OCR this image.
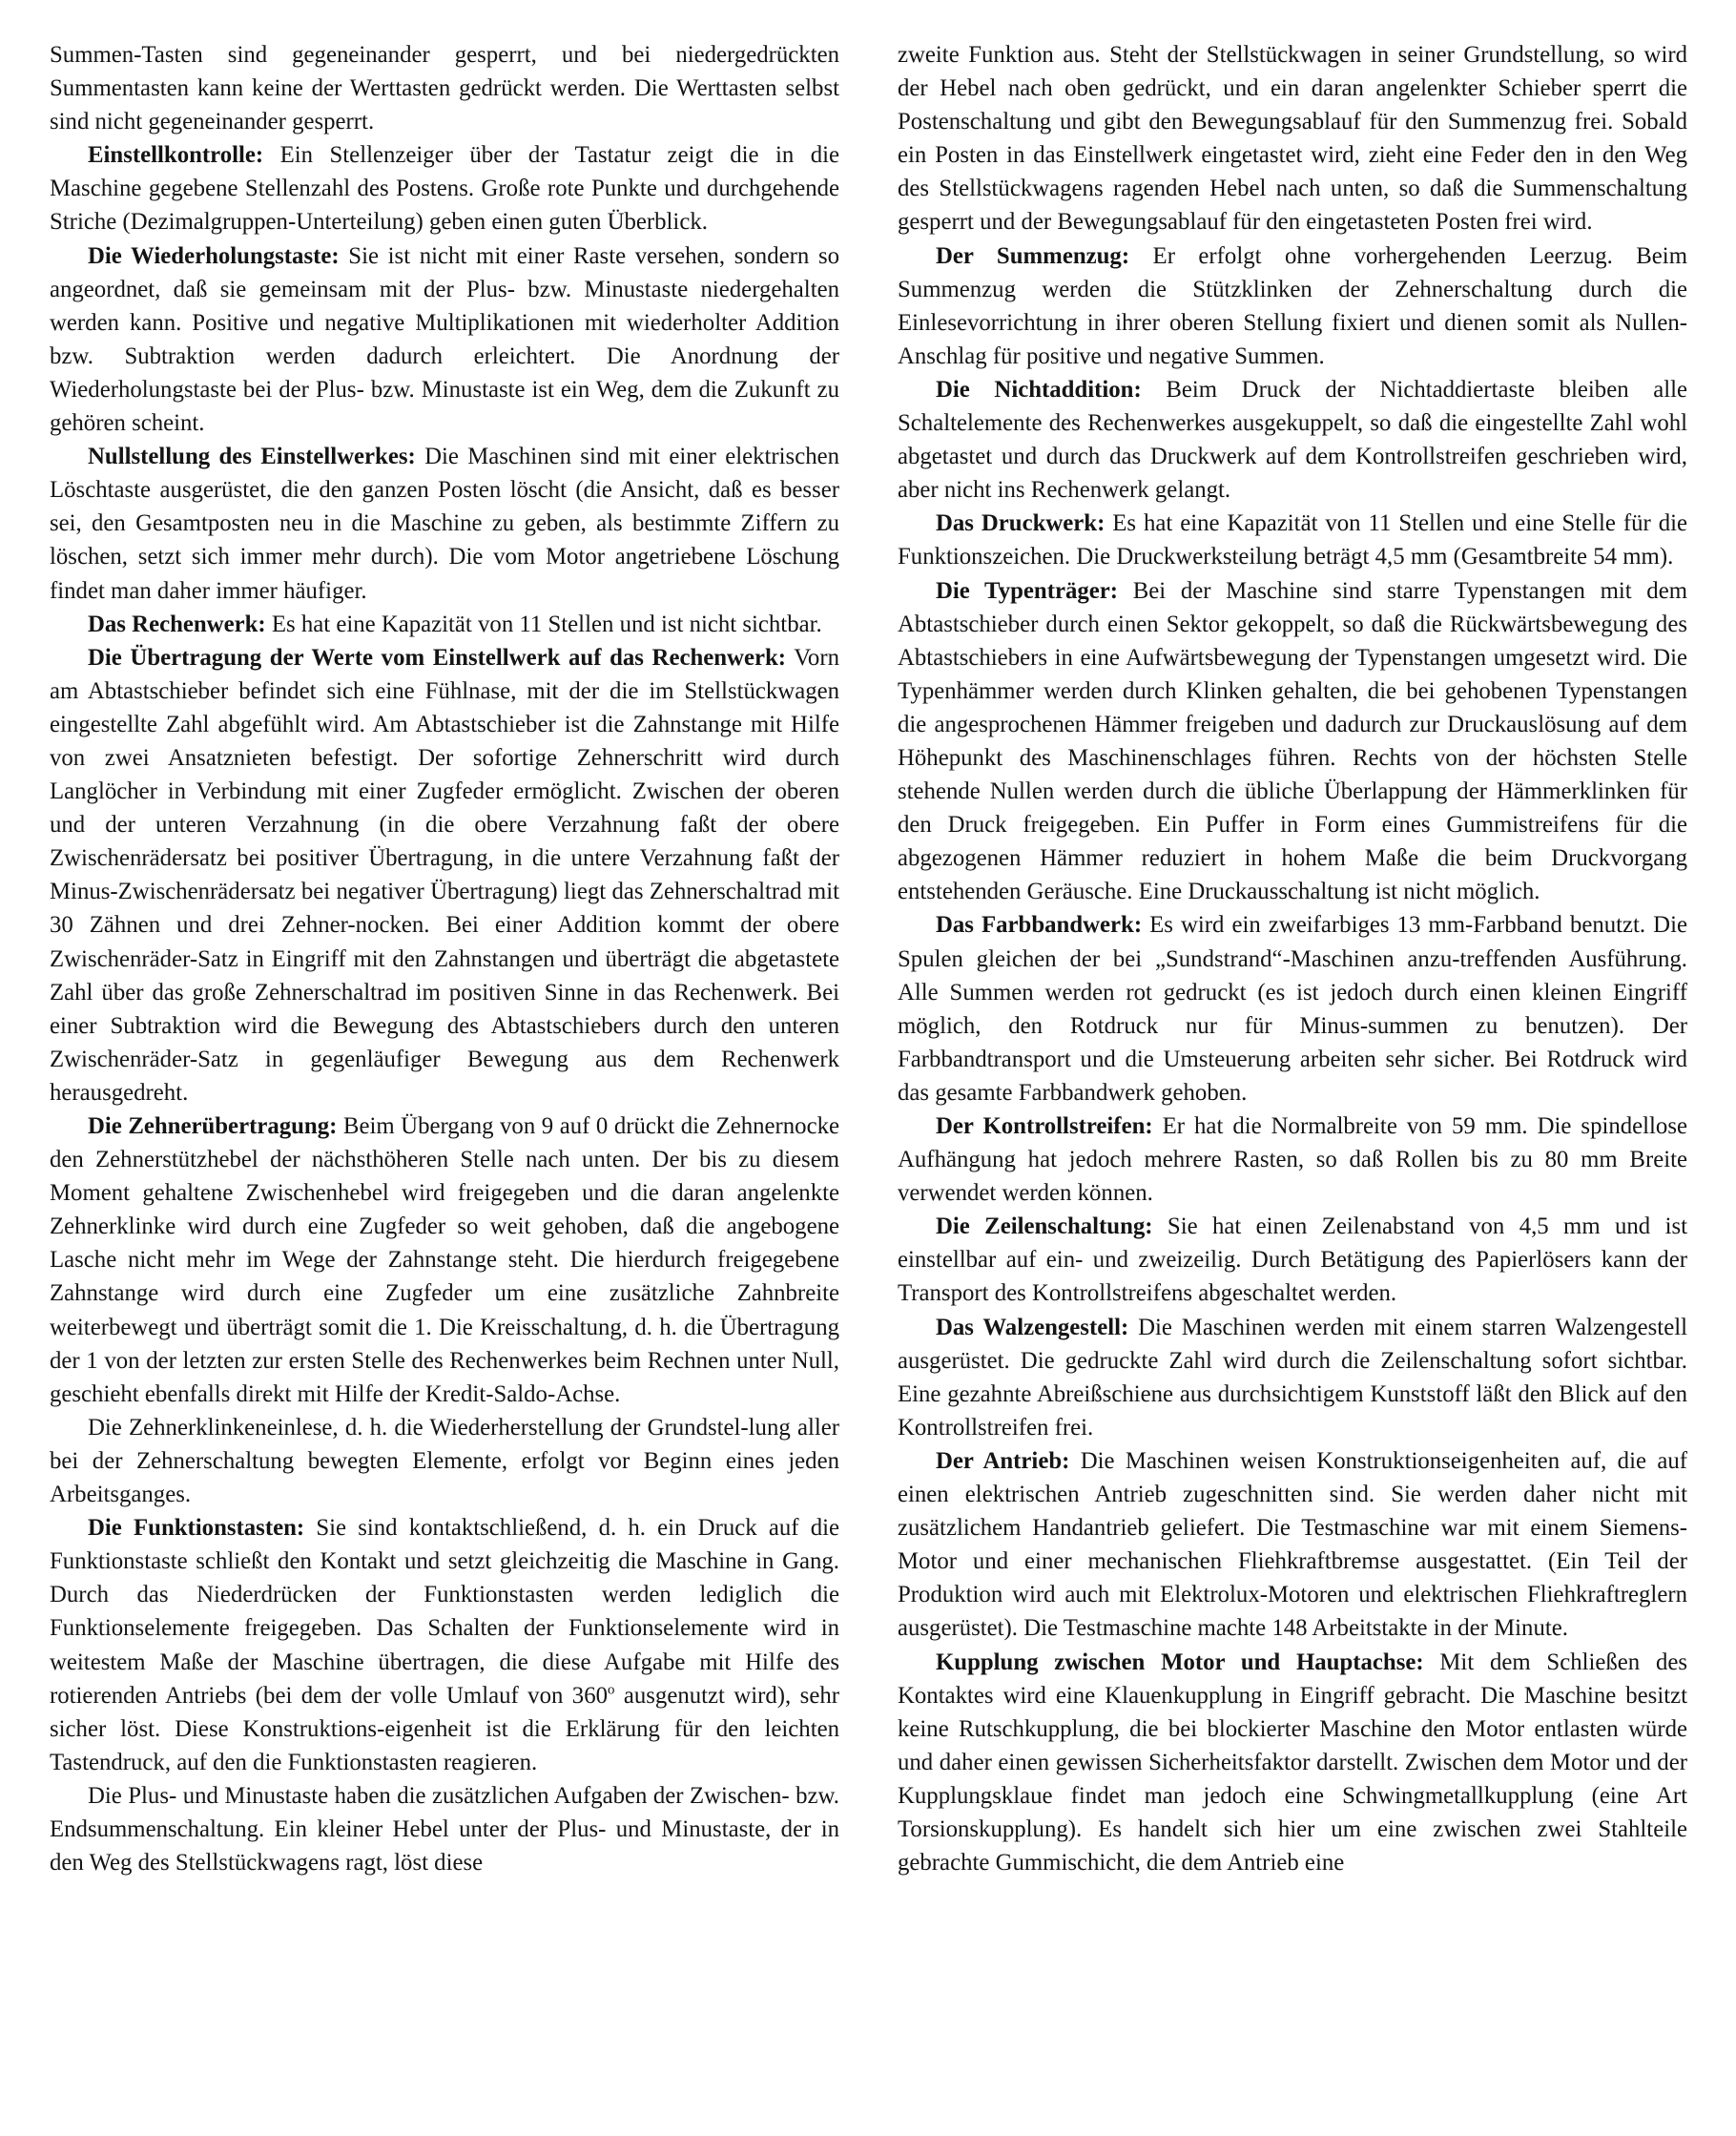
Summen-Tasten sind gegeneinander gesperrt, und bei niedergedrückten Summentasten kann keine der Werttasten gedrückt werden. Die Werttasten selbst sind nicht gegeneinander gesperrt.

Einstellkontrolle: Ein Stellenzeiger über der Tastatur zeigt die in die Maschine gegebene Stellenzahl des Postens. Große rote Punkte und durchgehende Striche (Dezimalgruppen-Unterteilung) geben einen guten Überblick.

Die Wiederholungstaste: Sie ist nicht mit einer Raste versehen, sondern so angeordnet, daß sie gemeinsam mit der Plus- bzw. Minustaste niedergehalten werden kann. Positive und negative Multiplikationen mit wiederholter Addition bzw. Subtraktion werden dadurch erleichtert. Die Anordnung der Wiederholungstaste bei der Plus- bzw. Minustaste ist ein Weg, dem die Zukunft zu gehören scheint.

Nullstellung des Einstellwerkes: Die Maschinen sind mit einer elektrischen Löschtaste ausgerüstet, die den ganzen Posten löscht (die Ansicht, daß es besser sei, den Gesamtposten neu in die Maschine zu geben, als bestimmte Ziffern zu löschen, setzt sich immer mehr durch). Die vom Motor angetriebene Löschung findet man daher immer häufiger.

Das Rechenwerk: Es hat eine Kapazität von 11 Stellen und ist nicht sichtbar.

Die Übertragung der Werte vom Einstellwerk auf das Rechenwerk: Vorn am Abtastschieber befindet sich eine Fühlnase, mit der die im Stellstückwagen eingestellte Zahl abgefühlt wird. Am Abtastschieber ist die Zahnstange mit Hilfe von zwei Ansatznieten befestigt. Der sofortige Zehnerschritt wird durch Langlöcher in Verbindung mit einer Zugfeder ermöglicht. Zwischen der oberen und der unteren Verzahnung (in die obere Verzahnung faßt der obere Zwischenrädersatz bei positiver Übertragung, in die untere Verzahnung faßt der Minus-Zwischenrädersatz bei negativer Übertragung) liegt das Zehnerschaltrad mit 30 Zähnen und drei Zehner-nocken. Bei einer Addition kommt der obere Zwischenräder-Satz in Eingriff mit den Zahnstangen und überträgt die abgetastete Zahl über das große Zehnerschaltrad im positiven Sinne in das Rechenwerk. Bei einer Subtraktion wird die Bewegung des Abtastschiebers durch den unteren Zwischenräder-Satz in gegenläufiger Bewegung aus dem Rechenwerk herausgedreht.

Die Zehnerübertragung: Beim Übergang von 9 auf 0 drückt die Zehnernocke den Zehnerstützhebel der nächsthöheren Stelle nach unten. Der bis zu diesem Moment gehaltene Zwischenhebel wird freigegeben und die daran angelenkte Zehnerklinke wird durch eine Zugfeder so weit gehoben, daß die angebogene Lasche nicht mehr im Wege der Zahnstange steht. Die hierdurch freigegebene Zahnstange wird durch eine Zugfeder um eine zusätzliche Zahnbreite weiterbewegt und überträgt somit die 1. Die Kreisschaltung, d. h. die Übertragung der 1 von der letzten zur ersten Stelle des Rechenwerkes beim Rechnen unter Null, geschieht ebenfalls direkt mit Hilfe der Kredit-Saldo-Achse.

Die Zehnerklinkeneinlese, d. h. die Wiederherstellung der Grundstel-lung aller bei der Zehnerschaltung bewegten Elemente, erfolgt vor Beginn eines jeden Arbeitsganges.

Die Funktionstasten: Sie sind kontaktschließend, d. h. ein Druck auf die Funktionstaste schließt den Kontakt und setzt gleichzeitig die Maschine in Gang. Durch das Niederdrücken der Funktionstasten werden lediglich die Funktionselemente freigegeben. Das Schalten der Funktionselemente wird in weitestem Maße der Maschine übertragen, die diese Aufgabe mit Hilfe des rotierenden Antriebs (bei dem der volle Umlauf von 360$^o$ ausgenutzt wird), sehr sicher löst. Diese Konstruktions-eigenheit ist die Erklärung für den leichten Tastendruck, auf den die Funktionstasten reagieren.

Die Plus- und Minustaste haben die zusätzlichen Aufgaben der Zwischen- bzw. Endsummenschaltung. Ein kleiner Hebel unter der Plus- und Minustaste, der in den Weg des Stellstückwagens ragt, löst diese

zweite Funktion aus. Steht der Stellstückwagen in seiner Grundstellung, so wird der Hebel nach oben gedrückt, und ein daran angelenkter Schieber sperrt die Postenschaltung und gibt den Bewegungsablauf für den Summenzug frei. Sobald ein Posten in das Einstellwerk eingetastet wird, zieht eine Feder den in den Weg des Stellstückwagens ragenden Hebel nach unten, so daß die Summenschaltung gesperrt und der Bewegungsablauf für den eingetasteten Posten frei wird.

Der Summenzug: Er erfolgt ohne vorhergehenden Leerzug. Beim Summenzug werden die Stützklinken der Zehnerschaltung durch die Einlesevorrichtung in ihrer oberen Stellung fixiert und dienen somit als Nullen-Anschlag für positive und negative Summen.

Die Nichtaddition: Beim Druck der Nichtaddiertaste bleiben alle Schaltelemente des Rechenwerkes ausgekuppelt, so daß die eingestellte Zahl wohl abgetastet und durch das Druckwerk auf dem Kontrollstreifen geschrieben wird, aber nicht ins Rechenwerk gelangt.

Das Druckwerk: Es hat eine Kapazität von 11 Stellen und eine Stelle für die Funktionszeichen. Die Druckwerksteilung beträgt 4,5 mm (Gesamtbreite 54 mm).

Die Typenträger: Bei der Maschine sind starre Typenstangen mit dem Abtastschieber durch einen Sektor gekoppelt, so daß die Rückwärtsbewegung des Abtastschiebers in eine Aufwärtsbewegung der Typenstangen umgesetzt wird. Die Typenhämmer werden durch Klinken gehalten, die bei gehobenen Typenstangen die angesprochenen Hämmer freigeben und dadurch zur Druckauslösung auf dem Höhepunkt des Maschinenschlages führen. Rechts von der höchsten Stelle stehende Nullen werden durch die übliche Überlappung der Hämmerklinken für den Druck freigegeben. Ein Puffer in Form eines Gummistreifens für die abgezogenen Hämmer reduziert in hohem Maße die beim Druckvorgang entstehenden Geräusche. Eine Druckausschaltung ist nicht möglich.

Das Farbbandwerk: Es wird ein zweifarbiges 13 mm-Farbband benutzt. Die Spulen gleichen der bei „Sundstrand“-Maschinen anzu-treffenden Ausführung. Alle Summen werden rot gedruckt (es ist jedoch durch einen kleinen Eingriff möglich, den Rotdruck nur für Minus-summen zu benutzen). Der Farbbandtransport und die Umsteuerung arbeiten sehr sicher. Bei Rotdruck wird das gesamte Farbbandwerk gehoben.

Der Kontrollstreifen: Er hat die Normalbreite von 59 mm. Die spindellose Aufhängung hat jedoch mehrere Rasten, so daß Rollen bis zu 80 mm Breite verwendet werden können.

Die Zeilenschaltung: Sie hat einen Zeilenabstand von 4,5 mm und ist einstellbar auf ein- und zweizeilig. Durch Betätigung des Papierlösers kann der Transport des Kontrollstreifens abgeschaltet werden.

Das Walzengestell: Die Maschinen werden mit einem starren Walzengestell ausgerüstet. Die gedruckte Zahl wird durch die Zeilenschaltung sofort sichtbar. Eine gezahnte Abreißschiene aus durchsichtigem Kunststoff läßt den Blick auf den Kontrollstreifen frei.

Der Antrieb: Die Maschinen weisen Konstruktionseigenheiten auf, die auf einen elektrischen Antrieb zugeschnitten sind. Sie werden daher nicht mit zusätzlichem Handantrieb geliefert. Die Testmaschine war mit einem Siemens-Motor und einer mechanischen Fliehkraftbremse ausgestattet. (Ein Teil der Produktion wird auch mit Elektrolux-Motoren und elektrischen Fliehkraftreglern ausgerüstet). Die Testmaschine machte 148 Arbeitstakte in der Minute.

Kupplung zwischen Motor und Hauptachse: Mit dem Schließen des Kontaktes wird eine Klauenkupplung in Eingriff gebracht. Die Maschine besitzt keine Rutschkupplung, die bei blockierter Maschine den Motor entlasten würde und daher einen gewissen Sicherheitsfaktor darstellt. Zwischen dem Motor und der Kupplungsklaue findet man jedoch eine Schwingmetallkupplung (eine Art Torsionskupplung). Es handelt sich hier um eine zwischen zwei Stahlteile gebrachte Gummischicht, die dem Antrieb eine
